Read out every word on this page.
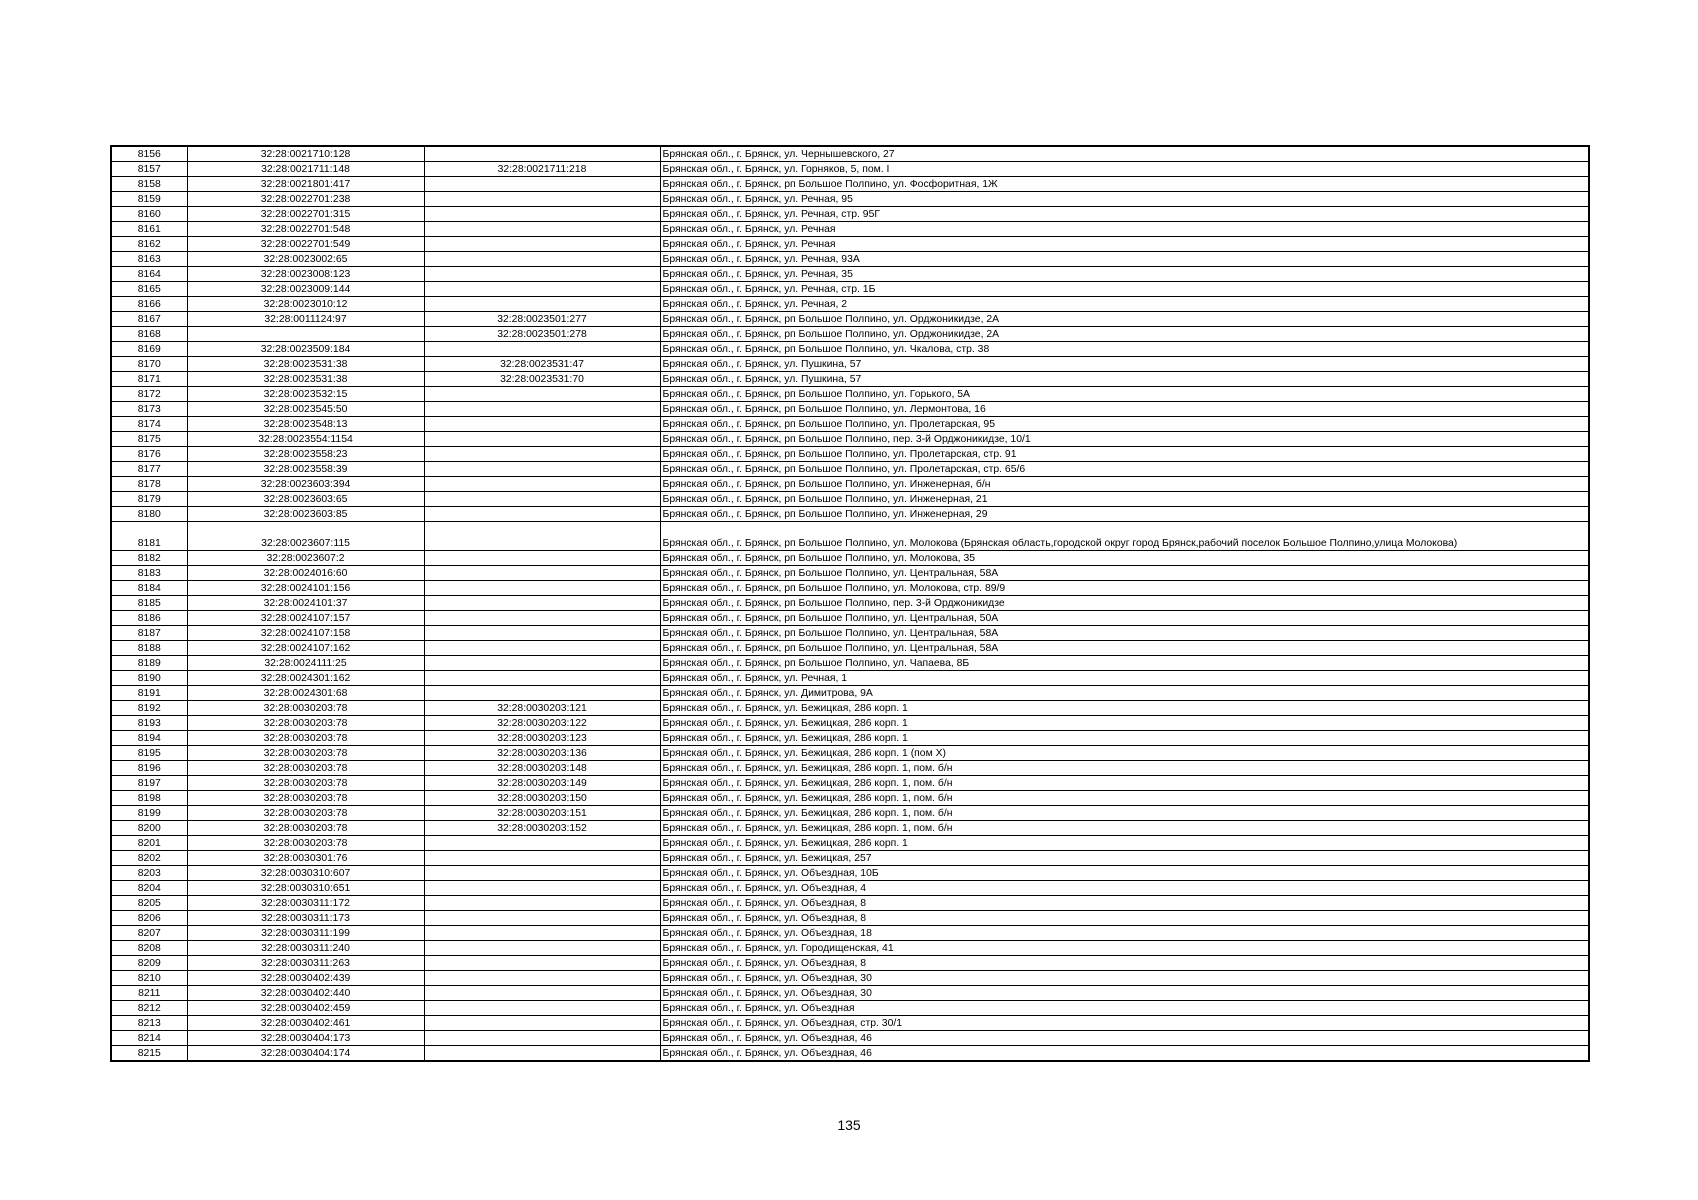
8156	32:28:0021710:128		Брянская обл., г. Брянск, ул. Чернышевского, 27
8157	32:28:0021711:148	32:28:0021711:218	Брянская обл., г. Брянск, ул. Горняков, 5, пом. I
8158	32:28:0021801:417		Брянская обл., г. Брянск, рп Большое Полпино, ул. Фосфоритная, 1Ж
8159	32:28:0022701:238		Брянская обл., г. Брянск, ул. Речная, 95
8160	32:28:0022701:315		Брянская обл., г. Брянск, ул. Речная, стр. 95Г
8161	32:28:0022701:548		Брянская обл., г. Брянск, ул. Речная
8162	32:28:0022701:549		Брянская обл., г. Брянск, ул. Речная
8163	32:28:0023002:65		Брянская обл., г. Брянск, ул. Речная, 93А
8164	32:28:0023008:123		Брянская обл., г. Брянск, ул. Речная, 35
8165	32:28:0023009:144		Брянская обл., г. Брянск, ул. Речная, стр. 1Б
8166	32:28:0023010:12		Брянская обл., г. Брянск, ул. Речная, 2
8167	32:28:0011124:97	32:28:0023501:277	Брянская обл., г. Брянск, рп Большое Полпино, ул. Орджоникидзе, 2А
8168		32:28:0023501:278	Брянская обл., г. Брянск, рп Большое Полпино, ул. Орджоникидзе, 2А
8169	32:28:0023509:184		Брянская обл., г. Брянск, рп Большое Полпино, ул. Чкалова, стр. 38
8170	32:28:0023531:38	32:28:0023531:47	Брянская обл., г. Брянск, ул. Пушкина, 57
8171	32:28:0023531:38	32:28:0023531:70	Брянская обл., г. Брянск, ул. Пушкина, 57
8172	32:28:0023532:15		Брянская обл., г. Брянск, рп Большое Полпино, ул. Горького, 5А
8173	32:28:0023545:50		Брянская обл., г. Брянск, рп Большое Полпино, ул. Лермонтова, 16
8174	32:28:0023548:13		Брянская обл., г. Брянск, рп Большое Полпино, ул. Пролетарская, 95
8175	32:28:0023554:1154		Брянская обл., г. Брянск, рп Большое Полпино, пер. 3-й Орджоникидзе, 10/1
8176	32:28:0023558:23		Брянская обл., г. Брянск, рп Большое Полпино, ул. Пролетарская, стр. 91
8177	32:28:0023558:39		Брянская обл., г. Брянск, рп Большое Полпино, ул. Пролетарская, стр. 65/6
8178	32:28:0023603:394		Брянская обл., г. Брянск, рп Большое Полпино, ул. Инженерная, б/н
8179	32:28:0023603:65		Брянская обл., г. Брянск, рп Большое Полпино, ул. Инженерная, 21
8180	32:28:0023603:85		Брянская обл., г. Брянск, рп Большое Полпино, ул. Инженерная, 29
8181	32:28:0023607:115		Брянская обл., г. Брянск, рп Большое Полпино, ул. Молокова (Брянская область,городской округ город Брянск,рабочий поселок Большое Полпино,улица Молокова)
8182	32:28:0023607:2		Брянская обл., г. Брянск, рп Большое Полпино, ул. Молокова, 35
8183	32:28:0024016:60		Брянская обл., г. Брянск, рп Большое Полпино, ул. Центральная, 58А
8184	32:28:0024101:156		Брянская обл., г. Брянск, рп Большое Полпино, ул. Молокова, стр. 89/9
8185	32:28:0024101:37		Брянская обл., г. Брянск, рп Большое Полпино, пер. 3-й Орджоникидзе
8186	32:28:0024107:157		Брянская обл., г. Брянск, рп Большое Полпино, ул. Центральная, 50А
8187	32:28:0024107:158		Брянская обл., г. Брянск, рп Большое Полпино, ул. Центральная, 58А
8188	32:28:0024107:162		Брянская обл., г. Брянск, рп Большое Полпино, ул. Центральная, 58А
8189	32:28:0024111:25		Брянская обл., г. Брянск, рп Большое Полпино, ул. Чапаева, 8Б
8190	32:28:0024301:162		Брянская обл., г. Брянск, ул. Речная, 1
8191	32:28:0024301:68		Брянская обл., г. Брянск, ул. Димитрова, 9А
8192	32:28:0030203:78	32:28:0030203:121	Брянская обл., г. Брянск, ул. Бежицкая, 286 корп. 1
8193	32:28:0030203:78	32:28:0030203:122	Брянская обл., г. Брянск, ул. Бежицкая, 286 корп. 1
8194	32:28:0030203:78	32:28:0030203:123	Брянская обл., г. Брянск, ул. Бежицкая, 286 корп. 1
8195	32:28:0030203:78	32:28:0030203:136	Брянская обл., г. Брянск, ул. Бежицкая, 286 корп. 1 (пом Х)
8196	32:28:0030203:78	32:28:0030203:148	Брянская обл., г. Брянск, ул. Бежицкая, 286 корп. 1, пом. б/н
8197	32:28:0030203:78	32:28:0030203:149	Брянская обл., г. Брянск, ул. Бежицкая, 286 корп. 1, пом. б/н
8198	32:28:0030203:78	32:28:0030203:150	Брянская обл., г. Брянск, ул. Бежицкая, 286 корп. 1, пом. б/н
8199	32:28:0030203:78	32:28:0030203:151	Брянская обл., г. Брянск, ул. Бежицкая, 286 корп. 1, пом. б/н
8200	32:28:0030203:78	32:28:0030203:152	Брянская обл., г. Брянск, ул. Бежицкая, 286 корп. 1, пом. б/н
8201	32:28:0030203:78		Брянская обл., г. Брянск, ул. Бежицкая, 286 корп. 1
8202	32:28:0030301:76		Брянская обл., г. Брянск, ул. Бежицкая, 257
8203	32:28:0030310:607		Брянская обл., г. Брянск, ул. Объездная, 10Б
8204	32:28:0030310:651		Брянская обл., г. Брянск, ул. Объездная, 4
8205	32:28:0030311:172		Брянская обл., г. Брянск, ул. Объездная, 8
8206	32:28:0030311:173		Брянская обл., г. Брянск, ул. Объездная, 8
8207	32:28:0030311:199		Брянская обл., г. Брянск, ул. Объездная, 18
8208	32:28:0030311:240		Брянская обл., г. Брянск, ул. Городищенская, 41
8209	32:28:0030311:263		Брянская обл., г. Брянск, ул. Объездная, 8
8210	32:28:0030402:439		Брянская обл., г. Брянск, ул. Объездная, 30
8211	32:28:0030402:440		Брянская обл., г. Брянск, ул. Объездная, 30
8212	32:28:0030402:459		Брянская обл., г. Брянск, ул. Объездная
8213	32:28:0030402:461		Брянская обл., г. Брянск, ул. Объездная, стр. 30/1
8214	32:28:0030404:173		Брянская обл., г. Брянск, ул. Объездная, 46
8215	32:28:0030404:174		Брянская обл., г. Брянск, ул. Объездная, 46
135
